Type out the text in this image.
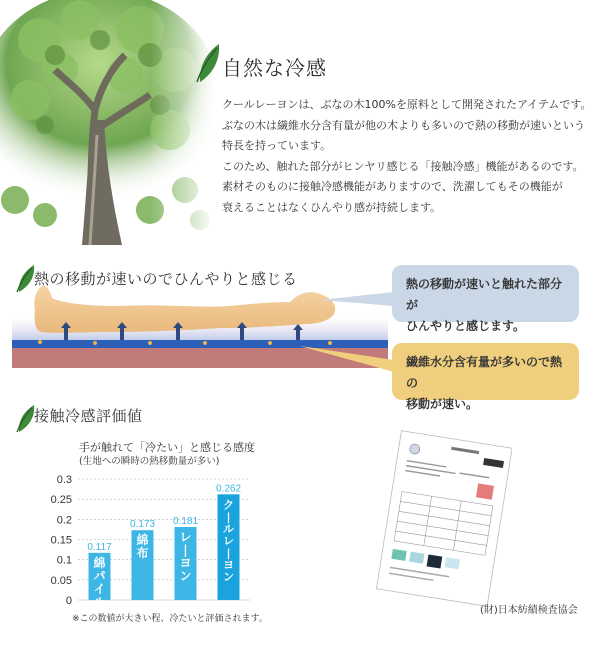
自然な冷感

クールレーヨンは、ぶなの木100%を原料として開発されたアイテムです。

ぶなの木は繊維水分含有量が他の木よりも多いので熱の移動が速いという

特長を持っています。

このため、触れた部分がヒンヤリ感じる「接触冷感」機能があるのです。

素材そのものに接触冷感機能がありますので、洗濯してもその機能が

衰えることはなくひんやり感が持続します。

熱の移動が速いのでひんやりと感じる	熱の移動が速いと触れた部分が
ひんやりと感じます。
繊維水分含有量が多いので熱の
移動が速い。
接触冷感評価値
手が触れて「冷たい」と感じる感度
(生地への瞬時の熱移動量が多い)
0
0.05
0.1
0.15
0.2
0.25
0.3
0.117
綿パイル
0.173
綿布
0.181
レ|ヨン
0.262
ク|ルレ|ヨン
※この数値が大きい程、冷たいと評価されます。
(財)日本紡績検査協会
